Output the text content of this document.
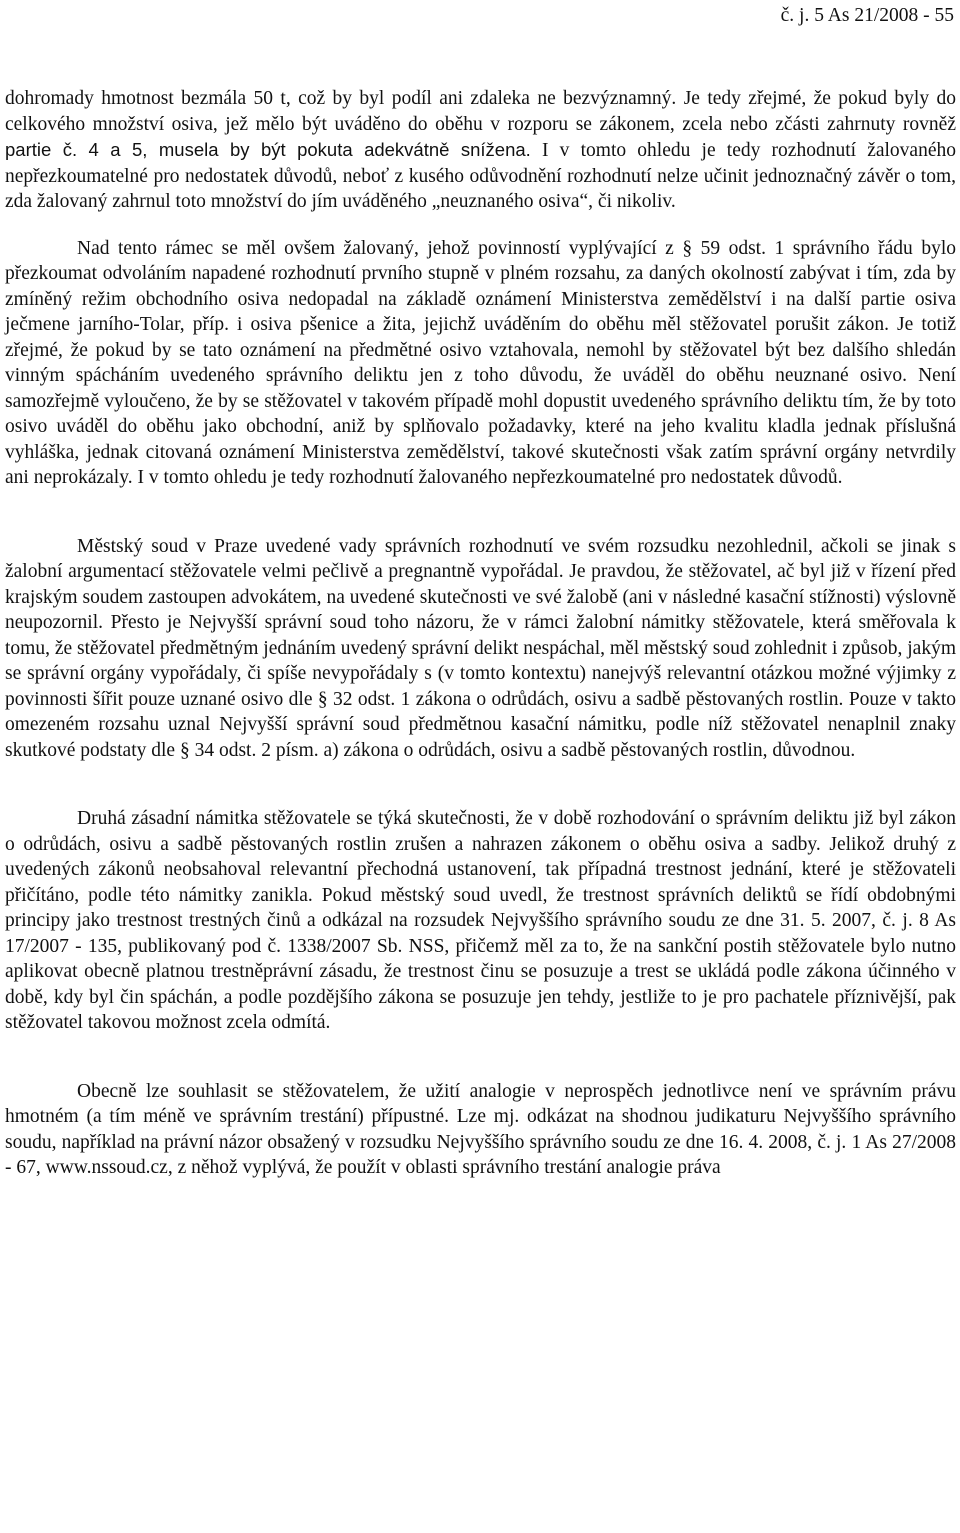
č. j. 5 As 21/2008 - 55

dohromady hmotnost bezmála 50 t, což by byl podíl ani zdaleka ne bezvýznamný. Je tedy zřejmé, že pokud byly do celkového množství osiva, jež mělo být uváděno do oběhu v rozporu se zákonem, zcela nebo zčásti zahrnuty rovněž partie č. 4 a 5, musela by být pokuta adekvátně snížena. I v tomto ohledu je tedy rozhodnutí žalovaného nepřezkoumatelné pro nedostatek důvodů, neboť z kusého odůvodnění rozhodnutí nelze učinit jednoznačný závěr o tom, zda žalovaný zahrnul toto množství do jím uváděného „neuznaného osiva“, či nikoliv.

Nad tento rámec se měl ovšem žalovaný, jehož povinností vyplývající z § 59 odst. 1 správního řádu bylo přezkoumat odvoláním napadené rozhodnutí prvního stupně v plném rozsahu, za daných okolností zabývat i tím, zda by zmíněný režim obchodního osiva nedopadal na základě oznámení Ministerstva zemědělství i na další partie osiva ječmene jarního-Tolar, příp. i osiva pšenice a žita, jejichž uváděním do oběhu měl stěžovatel porušit zákon. Je totiž zřejmé, že pokud by se tato oznámení na předmětné osivo vztahovala, nemohl by stěžovatel být bez dalšího shledán vinným spácháním uvedeného správního deliktu jen z toho důvodu, že uváděl do oběhu neuznané osivo. Není samozřejmě vyloučeno, že by se stěžovatel v takovém případě mohl dopustit uvedeného správního deliktu tím, že by toto osivo uváděl do oběhu jako obchodní, aniž by splňovalo požadavky, které na jeho kvalitu kladla jednak příslušná vyhláška, jednak citovaná oznámení Ministerstva zemědělství, takové skutečnosti však zatím správní orgány netvrdily ani neprokázaly. I v tomto ohledu je tedy rozhodnutí žalovaného nepřezkoumatelné pro nedostatek důvodů.

Městský soud v Praze uvedené vady správních rozhodnutí ve svém rozsudku nezohlednil, ačkoli se jinak s žalobní argumentací stěžovatele velmi pečlivě a pregnantně vypořádal. Je pravdou, že stěžovatel, ač byl již v řízení před krajským soudem zastoupen advokátem, na uvedené skutečnosti ve své žalobě (ani v následné kasační stížnosti) výslovně neupozornil. Přesto je Nejvyšší správní soud toho názoru, že v rámci žalobní námitky stěžovatele, která směřovala k tomu, že stěžovatel předmětným jednáním uvedený správní delikt nespáchal, měl městský soud zohlednit i způsob, jakým se správní orgány vypořádaly, či spíše nevypořádaly s (v tomto kontextu) nanejvýš relevantní otázkou možné výjimky z povinnosti šířit pouze uznané osivo dle § 32 odst. 1 zákona o odrůdách, osivu a sadbě pěstovaných rostlin. Pouze v takto omezeném rozsahu uznal Nejvyšší správní soud předmětnou kasační námitku, podle níž stěžovatel nenaplnil znaky skutkové podstaty dle § 34 odst. 2 písm. a) zákona o odrůdách, osivu a sadbě pěstovaných rostlin, důvodnou.

Druhá zásadní námitka stěžovatele se týká skutečnosti, že v době rozhodování o správním deliktu již byl zákon o odrůdách, osivu a sadbě pěstovaných rostlin zrušen a nahrazen zákonem o oběhu osiva a sadby. Jelikož druhý z uvedených zákonů neobsahoval relevantní přechodná ustanovení, tak případná trestnost jednání, které je stěžovateli přičítáno, podle této námitky zanikla. Pokud městský soud uvedl, že trestnost správních deliktů se řídí obdobnými principy jako trestnost trestných činů a odkázal na rozsudek Nejvyššího správního soudu ze dne 31. 5. 2007, č. j. 8 As 17/2007 - 135, publikovaný pod č. 1338/2007 Sb. NSS, přičemž měl za to, že na sankční postih stěžovatele bylo nutno aplikovat obecně platnou trestněprávní zásadu, že trestnost činu se posuzuje a trest se ukládá podle zákona účinného v době, kdy byl čin spáchán, a podle pozdějšího zákona se posuzuje jen tehdy, jestliže to je pro pachatele příznivější, pak stěžovatel takovou možnost zcela odmítá.

Obecně lze souhlasit se stěžovatelem, že užití analogie v neprospěch jednotlivce není ve správním právu hmotném (a tím méně ve správním trestání) přípustné. Lze mj. odkázat na shodnou judikaturu Nejvyššího správního soudu, například na právní názor obsažený v rozsudku Nejvyššího správního soudu ze dne 16. 4. 2008, č. j. 1 As 27/2008 - 67, www.nssoud.cz, z něhož vyplývá, že použít v oblasti správního trestání analogie práva
